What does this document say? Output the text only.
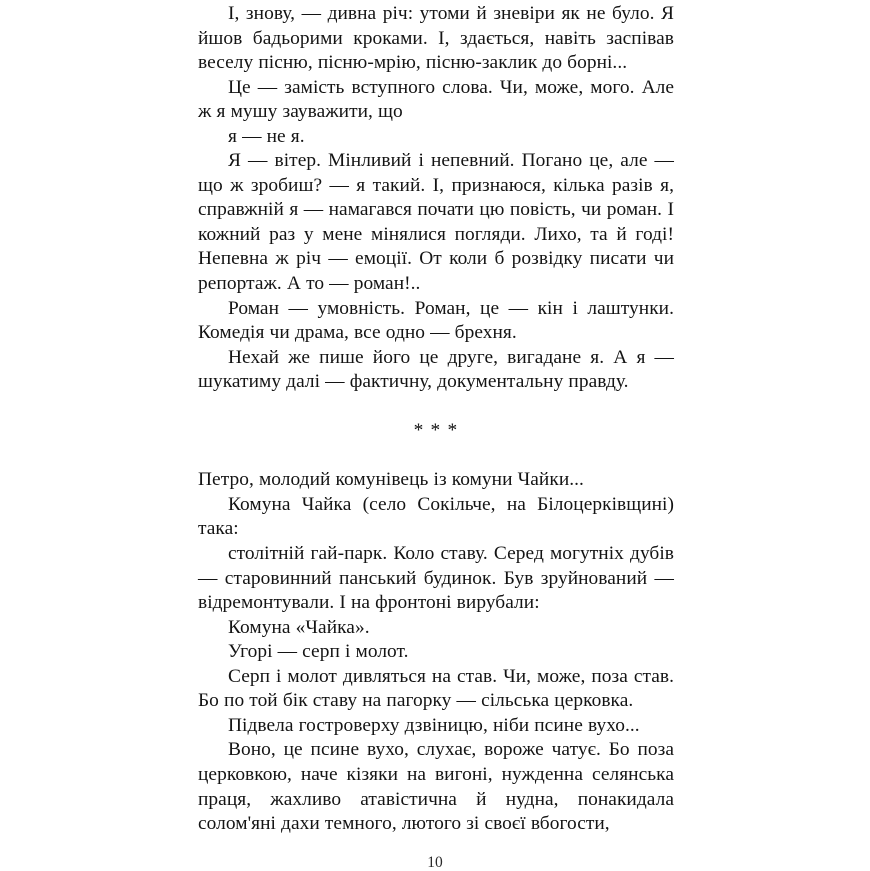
І, знову, — дивна річ: утоми й зневіри як не було. Я йшов бадьорими кроками. І, здається, навіть заспівав веселу пісню, пісню-мрію, пісню-заклик до борні...

Це — замість вступного слова. Чи, може, мого. Але ж я мушу зауважити, що

я — не я.

Я — вітер. Мінливий і непевний. Погано це, але — що ж зробиш? — я такий. І, признаюся, кілька разів я, справжній я — намагався почати цю повість, чи роман. І кожний раз у мене мінялися погляди. Лихо, та й годі! Непевна ж річ — емоції. От коли б розвідку писати чи репортаж. А то — роман!..

Роман — умовність. Роман, це — кін і лаштунки. Комедія чи драма, все одно — брехня.

Нехай же пише його це друге, вигадане я. А я — шукатиму далі — фактичну, документальну правду.

* * *

Петро, молодий комунівець із комуни Чайки...

Комуна Чайка (село Сокільче, на Білоцерківщині) така:

столітній гай-парк. Коло ставу. Серед могутніх дубів — старовинний панський будинок. Був зруйнований — відремонтували. І на фронтоні вирубали:

Комуна «Чайка».

Угорі — серп і молот.

Серп і молот дивляться на став. Чи, може, поза став. Бо по той бік ставу на пагорку — сільська церковка.

Підвела гостроверху дзвіницю, ніби псине вухо...

Воно, це псине вухо, слухає, вороже чатує. Бо поза церковкою, наче кізяки на вигоні, нужденна селянська праця, жахливо атавістична й нудна, понакидала солом'яні дахи темного, лютого зі своєї вбогости,

10
